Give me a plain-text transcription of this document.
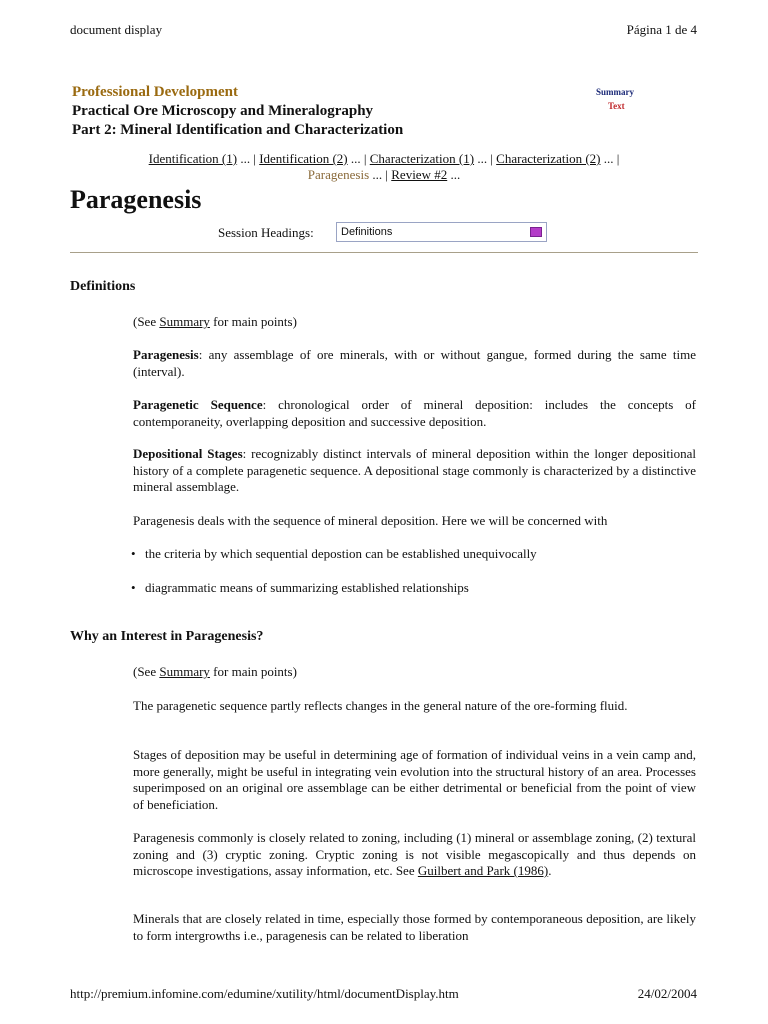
document display	Página 1 de 4
Professional Development
Practical Ore Microscopy and Mineralography
Part 2: Mineral Identification and Characterization
Summary
Text
Identification (1) ... | Identification (2) ... | Characterization (1) ... | Characterization (2) ... |
Paragenesis ... | Review #2 ...
Paragenesis
Session Headings:	Definitions
Definitions
(See Summary for main points)
Paragenesis: any assemblage of ore minerals, with or without gangue, formed during the same time (interval).
Paragenetic Sequence: chronological order of mineral deposition: includes the concepts of contemporaneity, overlapping deposition and successive deposition.
Depositional Stages: recognizably distinct intervals of mineral deposition within the longer depositional history of a complete paragenetic sequence. A depositional stage commonly is characterized by a distinctive mineral assemblage.
Paragenesis deals with the sequence of mineral deposition. Here we will be concerned with
• the criteria by which sequential depostion can be established unequivocally
• diagrammatic means of summarizing established relationships
Why an Interest in Paragenesis?
(See Summary for main points)
The paragenetic sequence partly reflects changes in the general nature of the ore-forming fluid.
Stages of deposition may be useful in determining age of formation of individual veins in a vein camp and, more generally, might be useful in integrating vein evolution into the structural history of an area. Processes superimposed on an original ore assemblage can be either detrimental or beneficial from the point of view of beneficiation.
Paragenesis commonly is closely related to zoning, including (1) mineral or assemblage zoning, (2) textural zoning and (3) cryptic zoning. Cryptic zoning is not visible megascopically and thus depends on microscope investigations, assay information, etc. See Guilbert and Park (1986).
Minerals that are closely related in time, especially those formed by contemporaneous deposition, are likely to form intergrowths i.e., paragenesis can be related to liberation
http://premium.infomine.com/edumine/xutility/html/documentDisplay.htm	24/02/2004
